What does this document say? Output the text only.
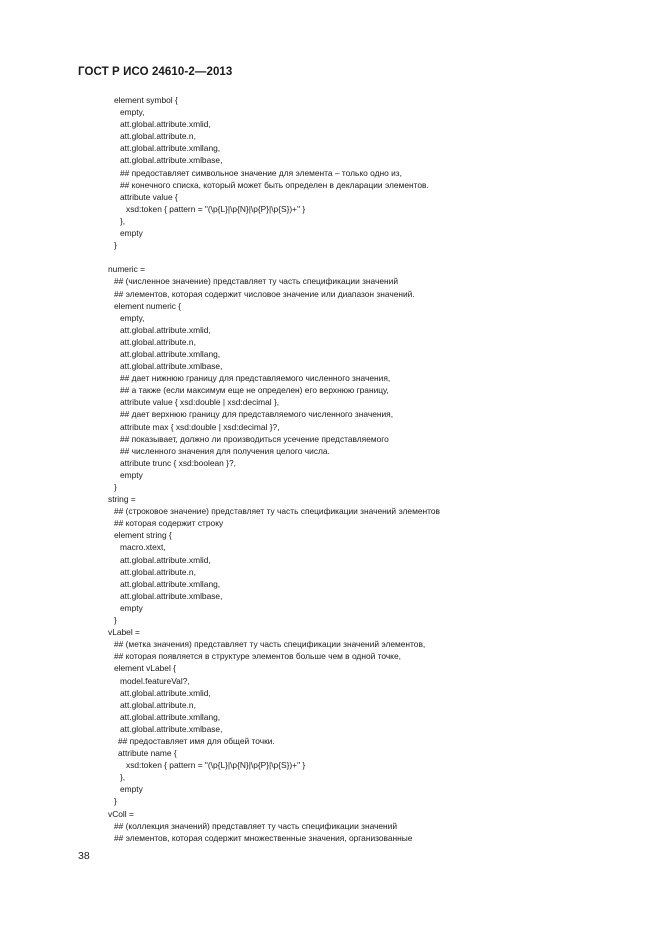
ГОСТ Р ИСО 24610-2—2013
element symbol {
empty,
att.global.attribute.xmlid,
att.global.attribute.n,
att.global.attribute.xmllang,
att.global.attribute.xmlbase,
## предоставляет символьное значение для элемента – только одно из,
## конечного списка, который может быть определен в декларации элементов.
attribute value {
xsd:token { pattern = "(\p{L}|\p{N}|\p{P}|\p{S})+" }
},
empty
}
numeric =
## (численное значение) представляет ту часть спецификации значений
## элементов, которая содержит числовое значение или диапазон значений.
element numeric {
empty,
att.global.attribute.xmlid,
att.global.attribute.n,
att.global.attribute.xmllang,
att.global.attribute.xmlbase,
## дает нижнюю границу для представляемого численного значения,
## а также (если максимум еще не определен) его верхнюю границу,
attribute value { xsd:double | xsd:decimal },
## дает верхнюю границу для представляемого численного значения,
attribute max { xsd:double | xsd:decimal }?,
## показывает, должно ли производиться усечение представляемого
## численного значения для получения целого числа.
attribute trunc { xsd:boolean }?,
empty
}
string =
## (строковое значение) представляет ту часть спецификации значений элементов
## которая содержит строку
element string {
macro.xtext,
att.global.attribute.xmlid,
att.global.attribute.n,
att.global.attribute.xmllang,
att.global.attribute.xmlbase,
empty
}
vLabel =
## (метка значения) представляет ту часть спецификации значений элементов,
## которая появляется в структуре элементов больше чем в одной точке,
element vLabel {
model.featureVal?,
att.global.attribute.xmlid,
att.global.attribute.n,
att.global.attribute.xmllang,
att.global.attribute.xmlbase,
## предоставляет имя для общей точки.
attribute name {
xsd:token { pattern = "(\p{L}|\p{N}|\p{P}|\p{S})+" }
},
empty
}
vColl =
## (коллекция значений) представляет ту часть спецификации значений
## элементов, которая содержит множественные значения, организованные
38
